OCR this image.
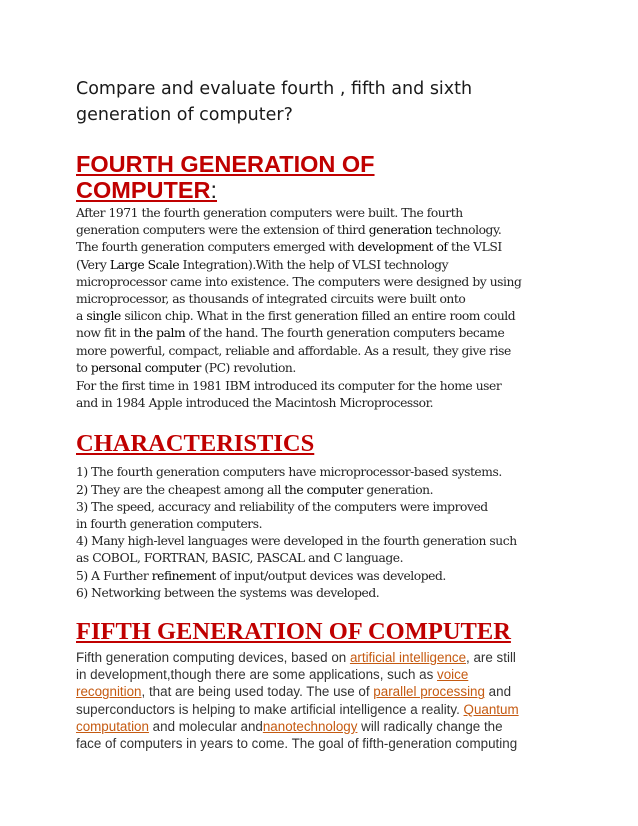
Compare and evaluate fourth , fifth and sixth
generation of computer?

FOURTH GENERATION OF
COMPUTER:

After 1971 the fourth generation computers were built. The fourth
generation computers were the extension of third generation technology.
The fourth generation computers emerged with development of the VLSI
(Very Large Scale Integration).With the help of VLSI technology
microprocessor came into existence. The computers were designed by using
microprocessor, as thousands of integrated circuits were built onto
a single silicon chip. What in the first generation filled an entire room could
now fit in the palm of the hand. The fourth generation computers became
more powerful, compact, reliable and affordable. As a result, they give rise
to personal computer (PC) revolution.

For the first time in 1981 IBM introduced its computer for the home user
and in 1984 Apple introduced the Macintosh Microprocessor.

CHARACTERISTICS

1) The fourth generation computers have microprocessor-based systems.
2) They are the cheapest among all the computer generation.
3) The speed, accuracy and reliability of the computers were improved
in fourth generation computers.
4) Many high-level languages were developed in the fourth generation such
as COBOL, FORTRAN, BASIC, PASCAL and C language.
5) A Further refinement of input/output devices was developed.
6) Networking between the systems was developed.

FIFTH GENERATION OF COMPUTER

Fifth generation computing devices, based on artificial intelligence, are still
in development,though there are some applications, such as voice
recognition, that are being used today. The use of parallel processing and
superconductors is helping to make artificial intelligence a reality. Quantum
computation and molecular andnanotechnology will radically change the
face of computers in years to come. The goal of fifth-generation computing
